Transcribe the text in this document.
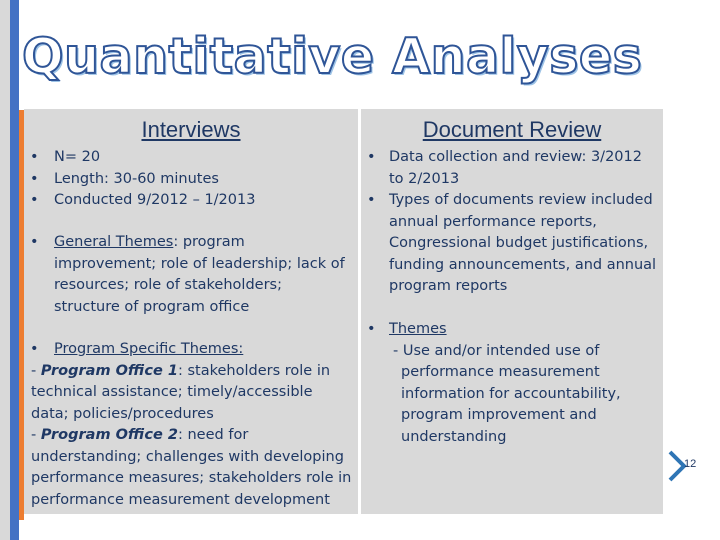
Quantitative Analyses
Interviews
•	N= 20
•	Length: 30-60 minutes
•	Conducted 9/2012 – 1/2013
•	General Themes: program improvement; role of leadership; lack of resources; role of stakeholders; structure of program office
•	Program Specific Themes:
- Program Office 1: stakeholders role in technical assistance; timely/accessible data; policies/procedures
- Program Office 2: need for understanding; challenges with developing performance measures; stakeholders role in performance measurement development
Document Review
• Data collection and review: 3/2012 to 2/2013
• Types of documents review included annual performance reports, Congressional budget justifications, funding announcements, and annual program reports
• Themes
- Use and/or intended use of performance measurement information for accountability, program improvement and understanding
12
